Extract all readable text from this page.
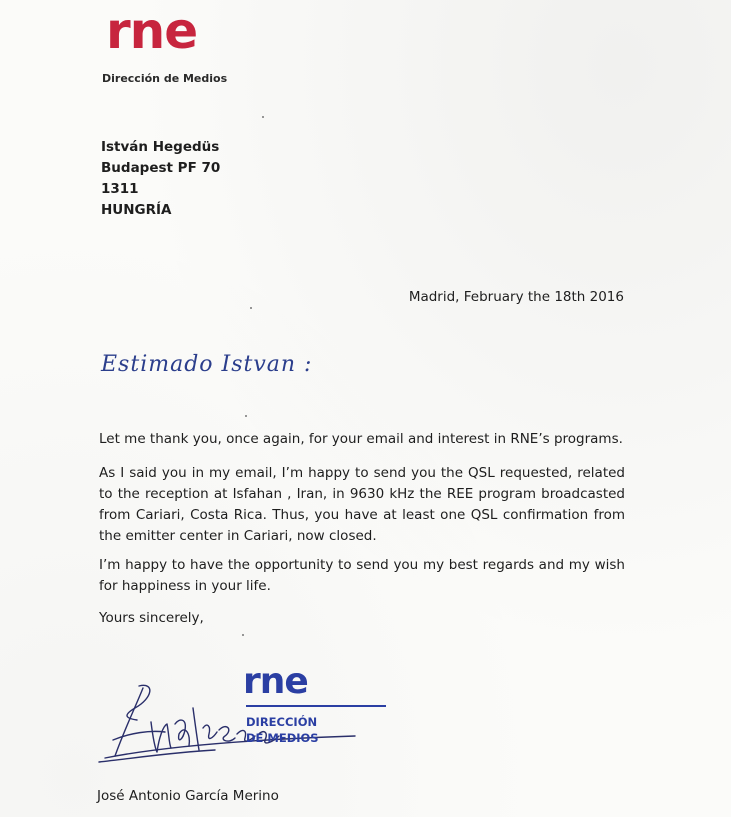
rne
Dirección de Medios
István Hegedüs
Budapest PF 70
1311
HUNGRÍA
Madrid, February the 18th 2016
Estimado Istvan :
Let me thank you, once again, for your email and interest in RNE’s programs.
As I said you in my email, I’m happy to send you the QSL requested, related to the reception at Isfahan , Iran, in 9630 kHz the REE program broadcasted from Cariari, Costa Rica. Thus, you have at least one QSL confirmation from the emitter center in Cariari, now closed.
I’m happy to have the opportunity to send you my best regards and my wish for happiness in your life.
Yours sincerely,
rne
DIRECCIÓN
DE MEDIOS
José Antonio García Merino
